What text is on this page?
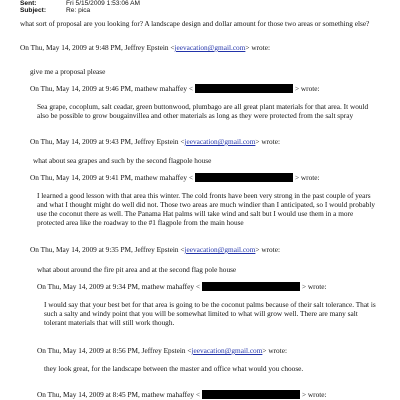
Sent:	Fri 5/15/2009 1:53:06 AM
Subject:	Re: pica
what sort of proposal are you looking for? A landscape design and dollar amount for those two areas or something else?
On Thu, May 14, 2009 at 9:48 PM, Jeffrey Epstein <jeevacation@gmail.com> wrote:
give me a proposal please
On Thu, May 14, 2009 at 9:46 PM, mathew mahaffey <	> wrote:
Sea grape, cocoplum, salt ceadar, green buttonwood, plumbago are all great plant materials for that area. It would also be possible to grow bougainvillea and other materials as long as they were protected from the salt spray
On Thu, May 14, 2009 at 9:43 PM, Jeffrey Epstein <jeevacation@gmail.com> wrote:
what about sea grapes and such by the second flagpole house
On Thu, May 14, 2009 at 9:41 PM, mathew mahaffey <	> wrote:
I learned a good lesson with that area this winter. The cold fronts have been very strong in the past couple of years and what I thought might do well did not. Those two areas are much windier than I anticipated, so I would probably use the coconut there as well. The Panama Hat palms will take wind and salt but I would use them in a more protected area like the roadway to the #1 flagpole from the main house
On Thu, May 14, 2009 at 9:35 PM, Jeffrey Epstein <jeevacation@gmail.com> wrote:
what about around the fire pit area and at the second flag pole house
On Thu, May 14, 2009 at 9:34 PM, mathew mahaffey <	> wrote:
I would say that your best bet for that area is going to be the coconut palms because of their salt tolerance. That is such a salty and windy point that you will be somewhat limited to what will grow well. There are many salt tolerant materials that will still work though.
On Thu, May 14, 2009 at 8:56 PM, Jeffrey Epstein <jeevacation@gmail.com> wrote:
they look great, for the landscape between the master and office what would you choose.
On Thu, May 14, 2009 at 8:45 PM, mathew mahaffey <	> wrote:
